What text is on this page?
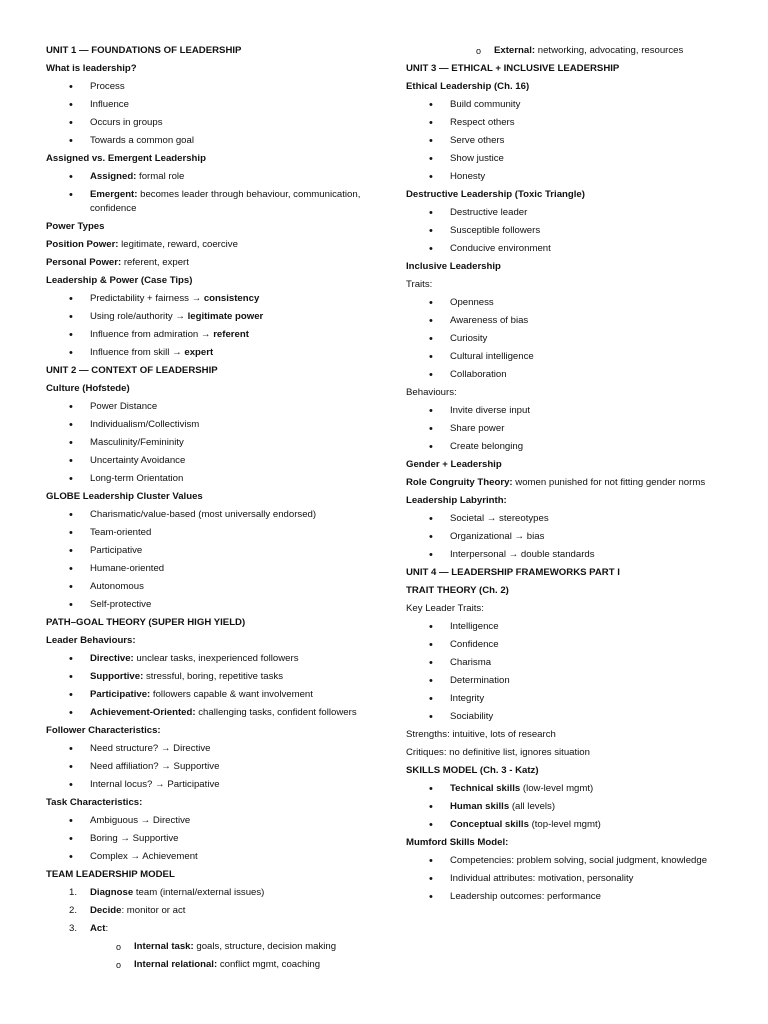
UNIT 1 — FOUNDATIONS OF LEADERSHIP
What is leadership?
• Process
• Influence
• Occurs in groups
• Towards a common goal
Assigned vs. Emergent Leadership
• Assigned: formal role
• Emergent: becomes leader through behaviour, communication, confidence
Power Types
Position Power: legitimate, reward, coercive
Personal Power: referent, expert
Leadership & Power (Case Tips)
• Predictability + fairness → consistency
• Using role/authority → legitimate power
• Influence from admiration → referent
• Influence from skill → expert
UNIT 2 — CONTEXT OF LEADERSHIP
Culture (Hofstede)
• Power Distance
• Individualism/Collectivism
• Masculinity/Femininity
• Uncertainty Avoidance
• Long-term Orientation
GLOBE Leadership Cluster Values
• Charismatic/value-based (most universally endorsed)
• Team-oriented
• Participative
• Humane-oriented
• Autonomous
• Self-protective
PATH–GOAL THEORY (SUPER HIGH YIELD)
Leader Behaviours:
• Directive: unclear tasks, inexperienced followers
• Supportive: stressful, boring, repetitive tasks
• Participative: followers capable & want involvement
• Achievement-Oriented: challenging tasks, confident followers
Follower Characteristics:
• Need structure? → Directive
• Need affiliation? → Supportive
• Internal locus? → Participative
Task Characteristics:
• Ambiguous → Directive
• Boring → Supportive
• Complex → Achievement
TEAM LEADERSHIP MODEL
1. Diagnose team (internal/external issues)
2. Decide: monitor or act
3. Act:
o Internal task: goals, structure, decision making
o Internal relational: conflict mgmt, coaching
o External: networking, advocating, resources
UNIT 3 — ETHICAL + INCLUSIVE LEADERSHIP
Ethical Leadership (Ch. 16)
• Build community
• Respect others
• Serve others
• Show justice
• Honesty
Destructive Leadership (Toxic Triangle)
• Destructive leader
• Susceptible followers
• Conducive environment
Inclusive Leadership
Traits:
• Openness
• Awareness of bias
• Curiosity
• Cultural intelligence
• Collaboration
Behaviours:
• Invite diverse input
• Share power
• Create belonging
Gender + Leadership
Role Congruity Theory: women punished for not fitting gender norms
Leadership Labyrinth:
• Societal → stereotypes
• Organizational → bias
• Interpersonal → double standards
UNIT 4 — LEADERSHIP FRAMEWORKS PART I
TRAIT THEORY (Ch. 2)
Key Leader Traits:
• Intelligence
• Confidence
• Charisma
• Determination
• Integrity
• Sociability
Strengths: intuitive, lots of research
Critiques: no definitive list, ignores situation
SKILLS MODEL (Ch. 3 - Katz)
• Technical skills (low-level mgmt)
• Human skills (all levels)
• Conceptual skills (top-level mgmt)
Mumford Skills Model:
• Competencies: problem solving, social judgment, knowledge
• Individual attributes: motivation, personality
• Leadership outcomes: performance
